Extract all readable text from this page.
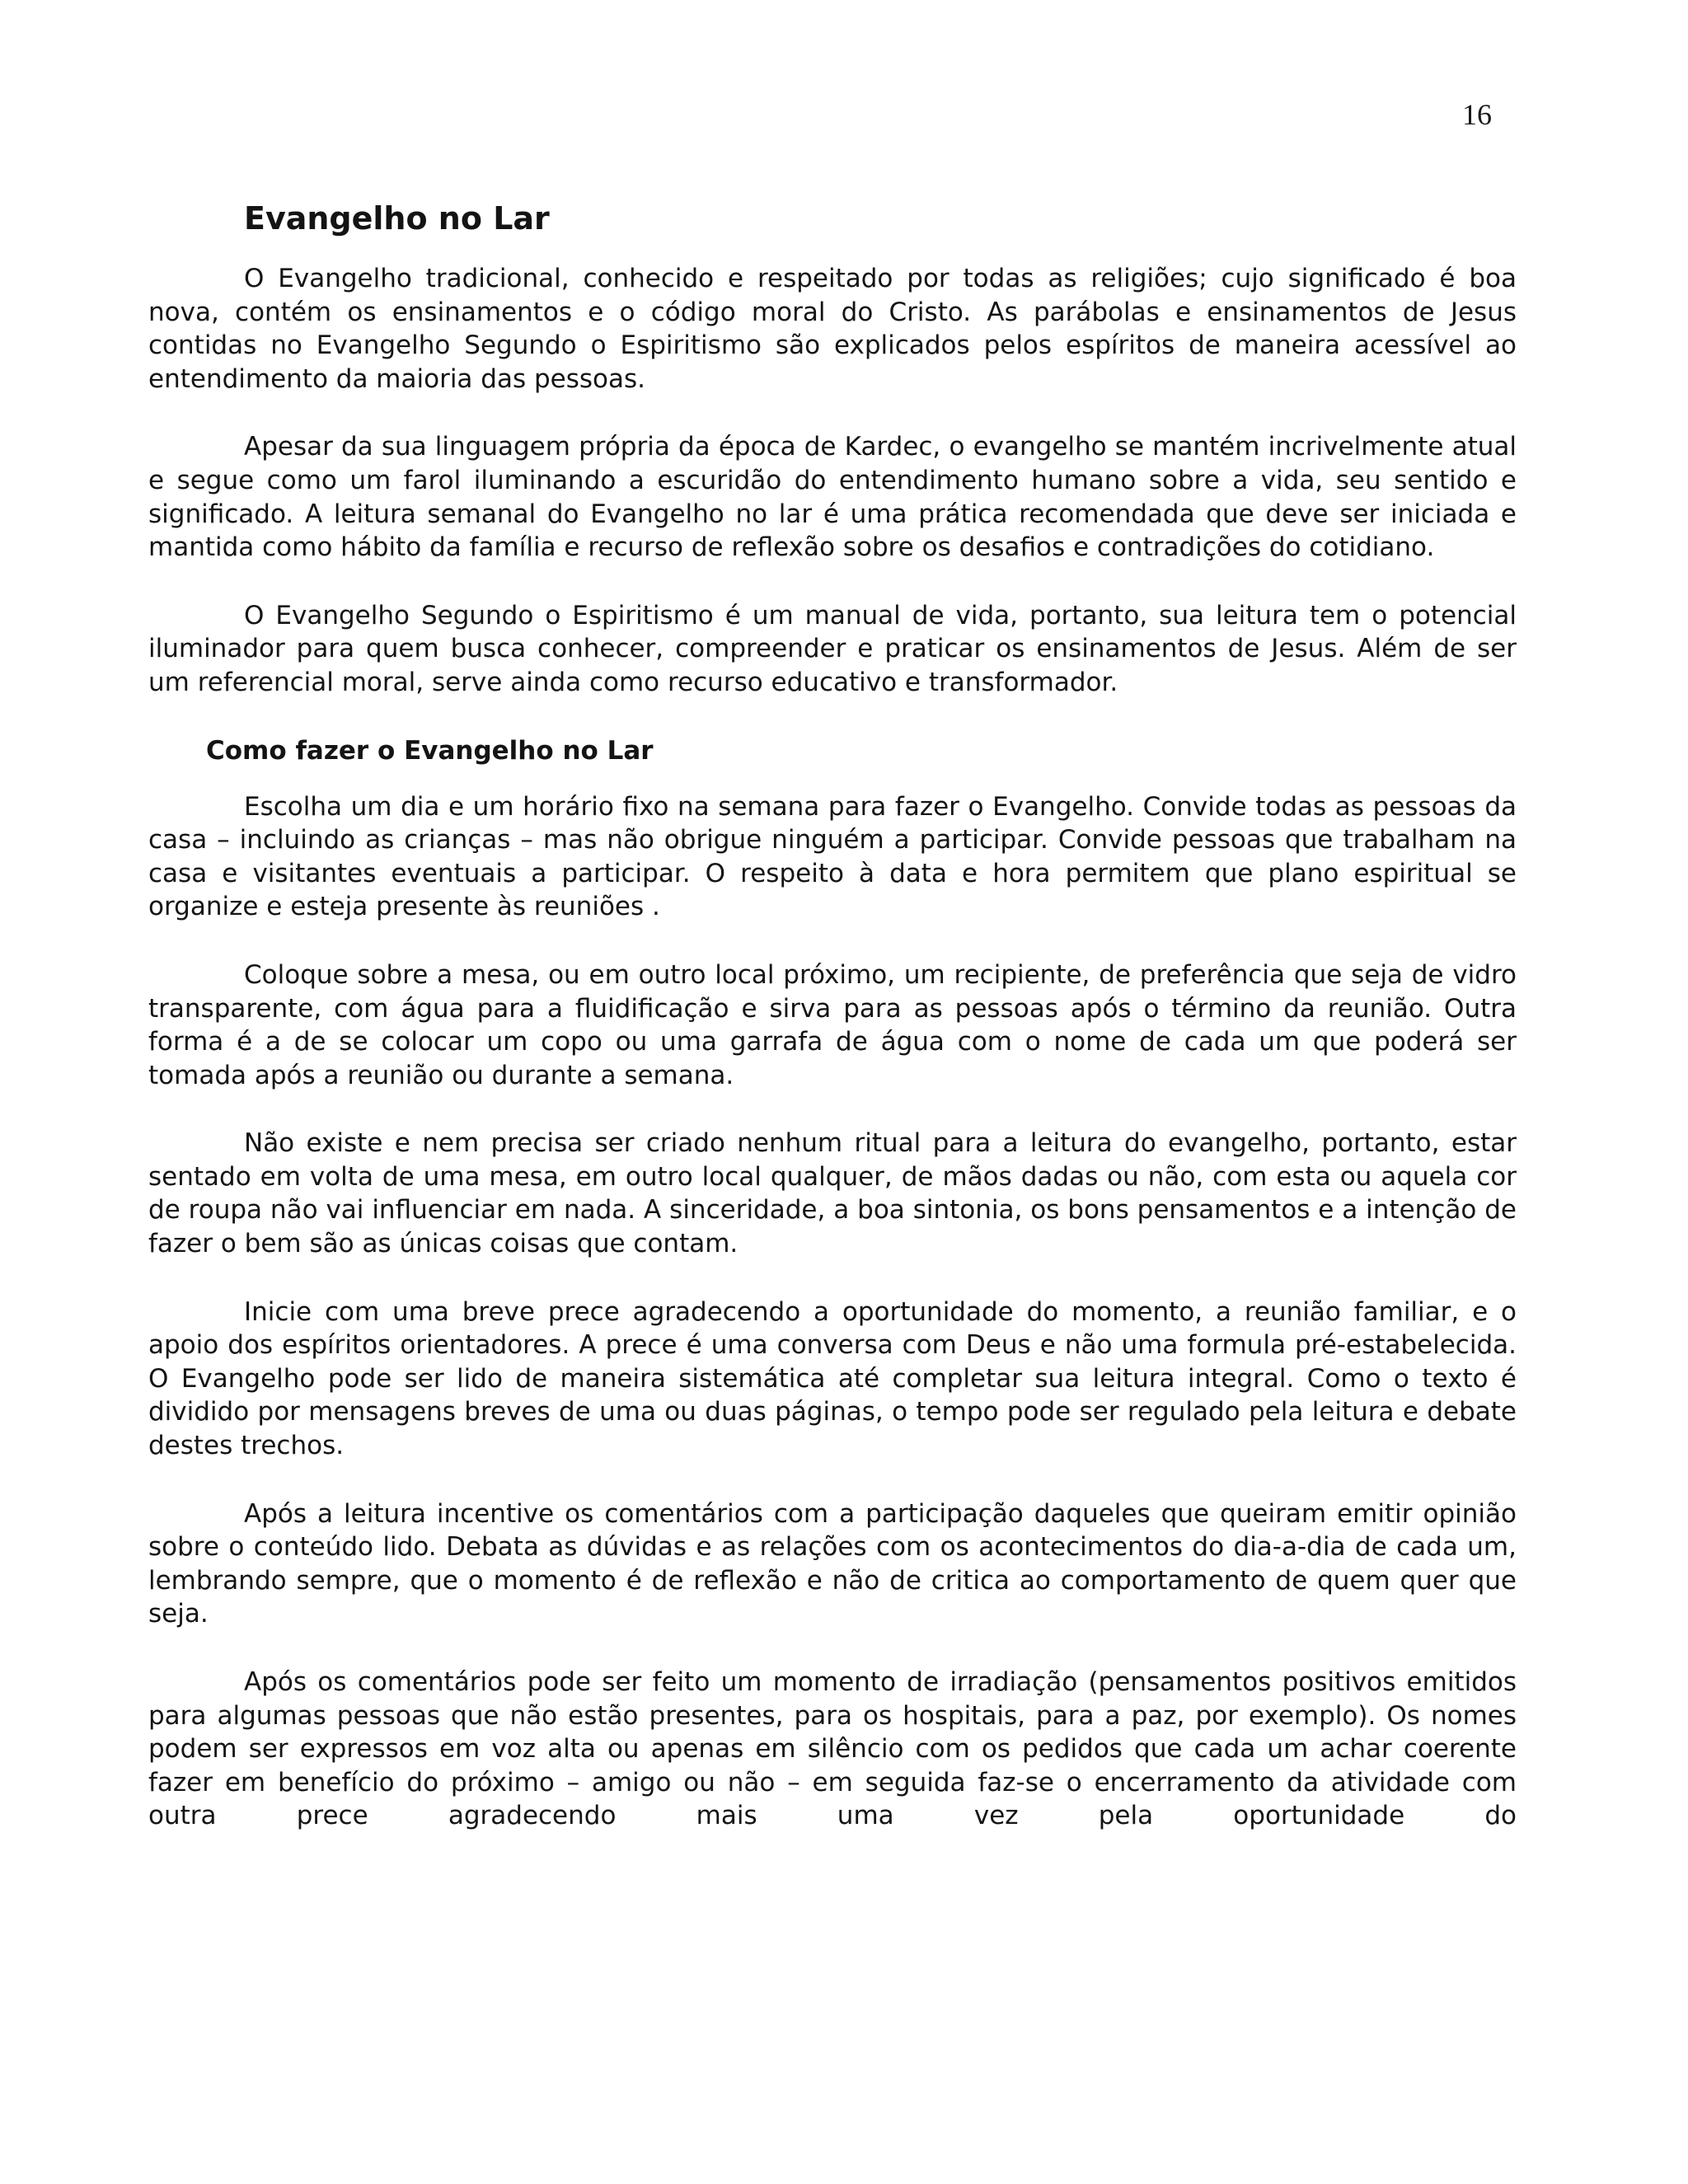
16
Evangelho no Lar

O Evangelho tradicional, conhecido e respeitado por todas as religiões; cujo significado é boa nova, contém os ensinamentos e o código moral do Cristo. As parábolas e ensinamentos de Jesus contidas no Evangelho Segundo o Espiritismo são explicados pelos espíritos de maneira acessível ao entendimento da maioria das pessoas.

Apesar da sua linguagem própria da época de Kardec, o evangelho se mantém incrivelmente atual e segue como um farol iluminando a escuridão do entendimento humano sobre a vida, seu sentido e significado. A leitura semanal do Evangelho no lar é uma prática recomendada que deve ser iniciada e mantida como hábito da família e recurso de reflexão sobre os desafios e contradições do cotidiano.

O Evangelho Segundo o Espiritismo é um manual de vida, portanto, sua leitura tem o potencial iluminador para quem busca conhecer, compreender e praticar os ensinamentos de Jesus. Além de ser um referencial moral, serve ainda como recurso educativo e transformador.

Como fazer o Evangelho no Lar

Escolha um dia e um horário fixo na semana para fazer o Evangelho. Convide todas as pessoas da casa – incluindo as crianças – mas não obrigue ninguém a participar. Convide pessoas que trabalham na casa e visitantes eventuais a participar. O respeito à data e hora permitem que plano espiritual se organize e esteja presente às reuniões .

Coloque sobre a mesa, ou em outro local próximo, um recipiente, de preferência que seja de vidro transparente, com água para a fluidificação e sirva para as pessoas após o término da reunião. Outra forma é a de se colocar um copo ou uma garrafa de água com o nome de cada um que poderá ser tomada após a reunião ou durante a semana.

Não existe e nem precisa ser criado nenhum ritual para a leitura do evangelho, portanto, estar sentado em volta de uma mesa, em outro local qualquer, de mãos dadas ou não, com esta ou aquela cor de roupa não vai influenciar em nada. A sinceridade, a boa sintonia, os bons pensamentos e a intenção de fazer o bem são as únicas coisas que contam.

Inicie com uma breve prece agradecendo a oportunidade do momento, a reunião familiar, e o apoio dos espíritos orientadores. A prece é uma conversa com Deus e não uma formula pré-estabelecida. O Evangelho pode ser lido de maneira sistemática até completar sua leitura integral. Como o texto é dividido por mensagens breves de uma ou duas páginas, o tempo pode ser regulado pela leitura e debate destes trechos.

Após a leitura incentive os comentários com a participação daqueles que queiram emitir opinião sobre o conteúdo lido. Debata as dúvidas e as relações com os acontecimentos do dia-a-dia de cada um, lembrando sempre, que o momento é de reflexão e não de critica ao comportamento de quem quer que seja.

Após os comentários pode ser feito um momento de irradiação (pensamentos positivos emitidos para algumas pessoas que não estão presentes, para os hospitais, para a paz, por exemplo). Os nomes podem ser expressos em voz alta ou apenas em silêncio com os pedidos que cada um achar coerente fazer em benefício do próximo – amigo ou não – em seguida faz-se o encerramento da atividade com outra prece agradecendo mais uma vez pela oportunidade do
